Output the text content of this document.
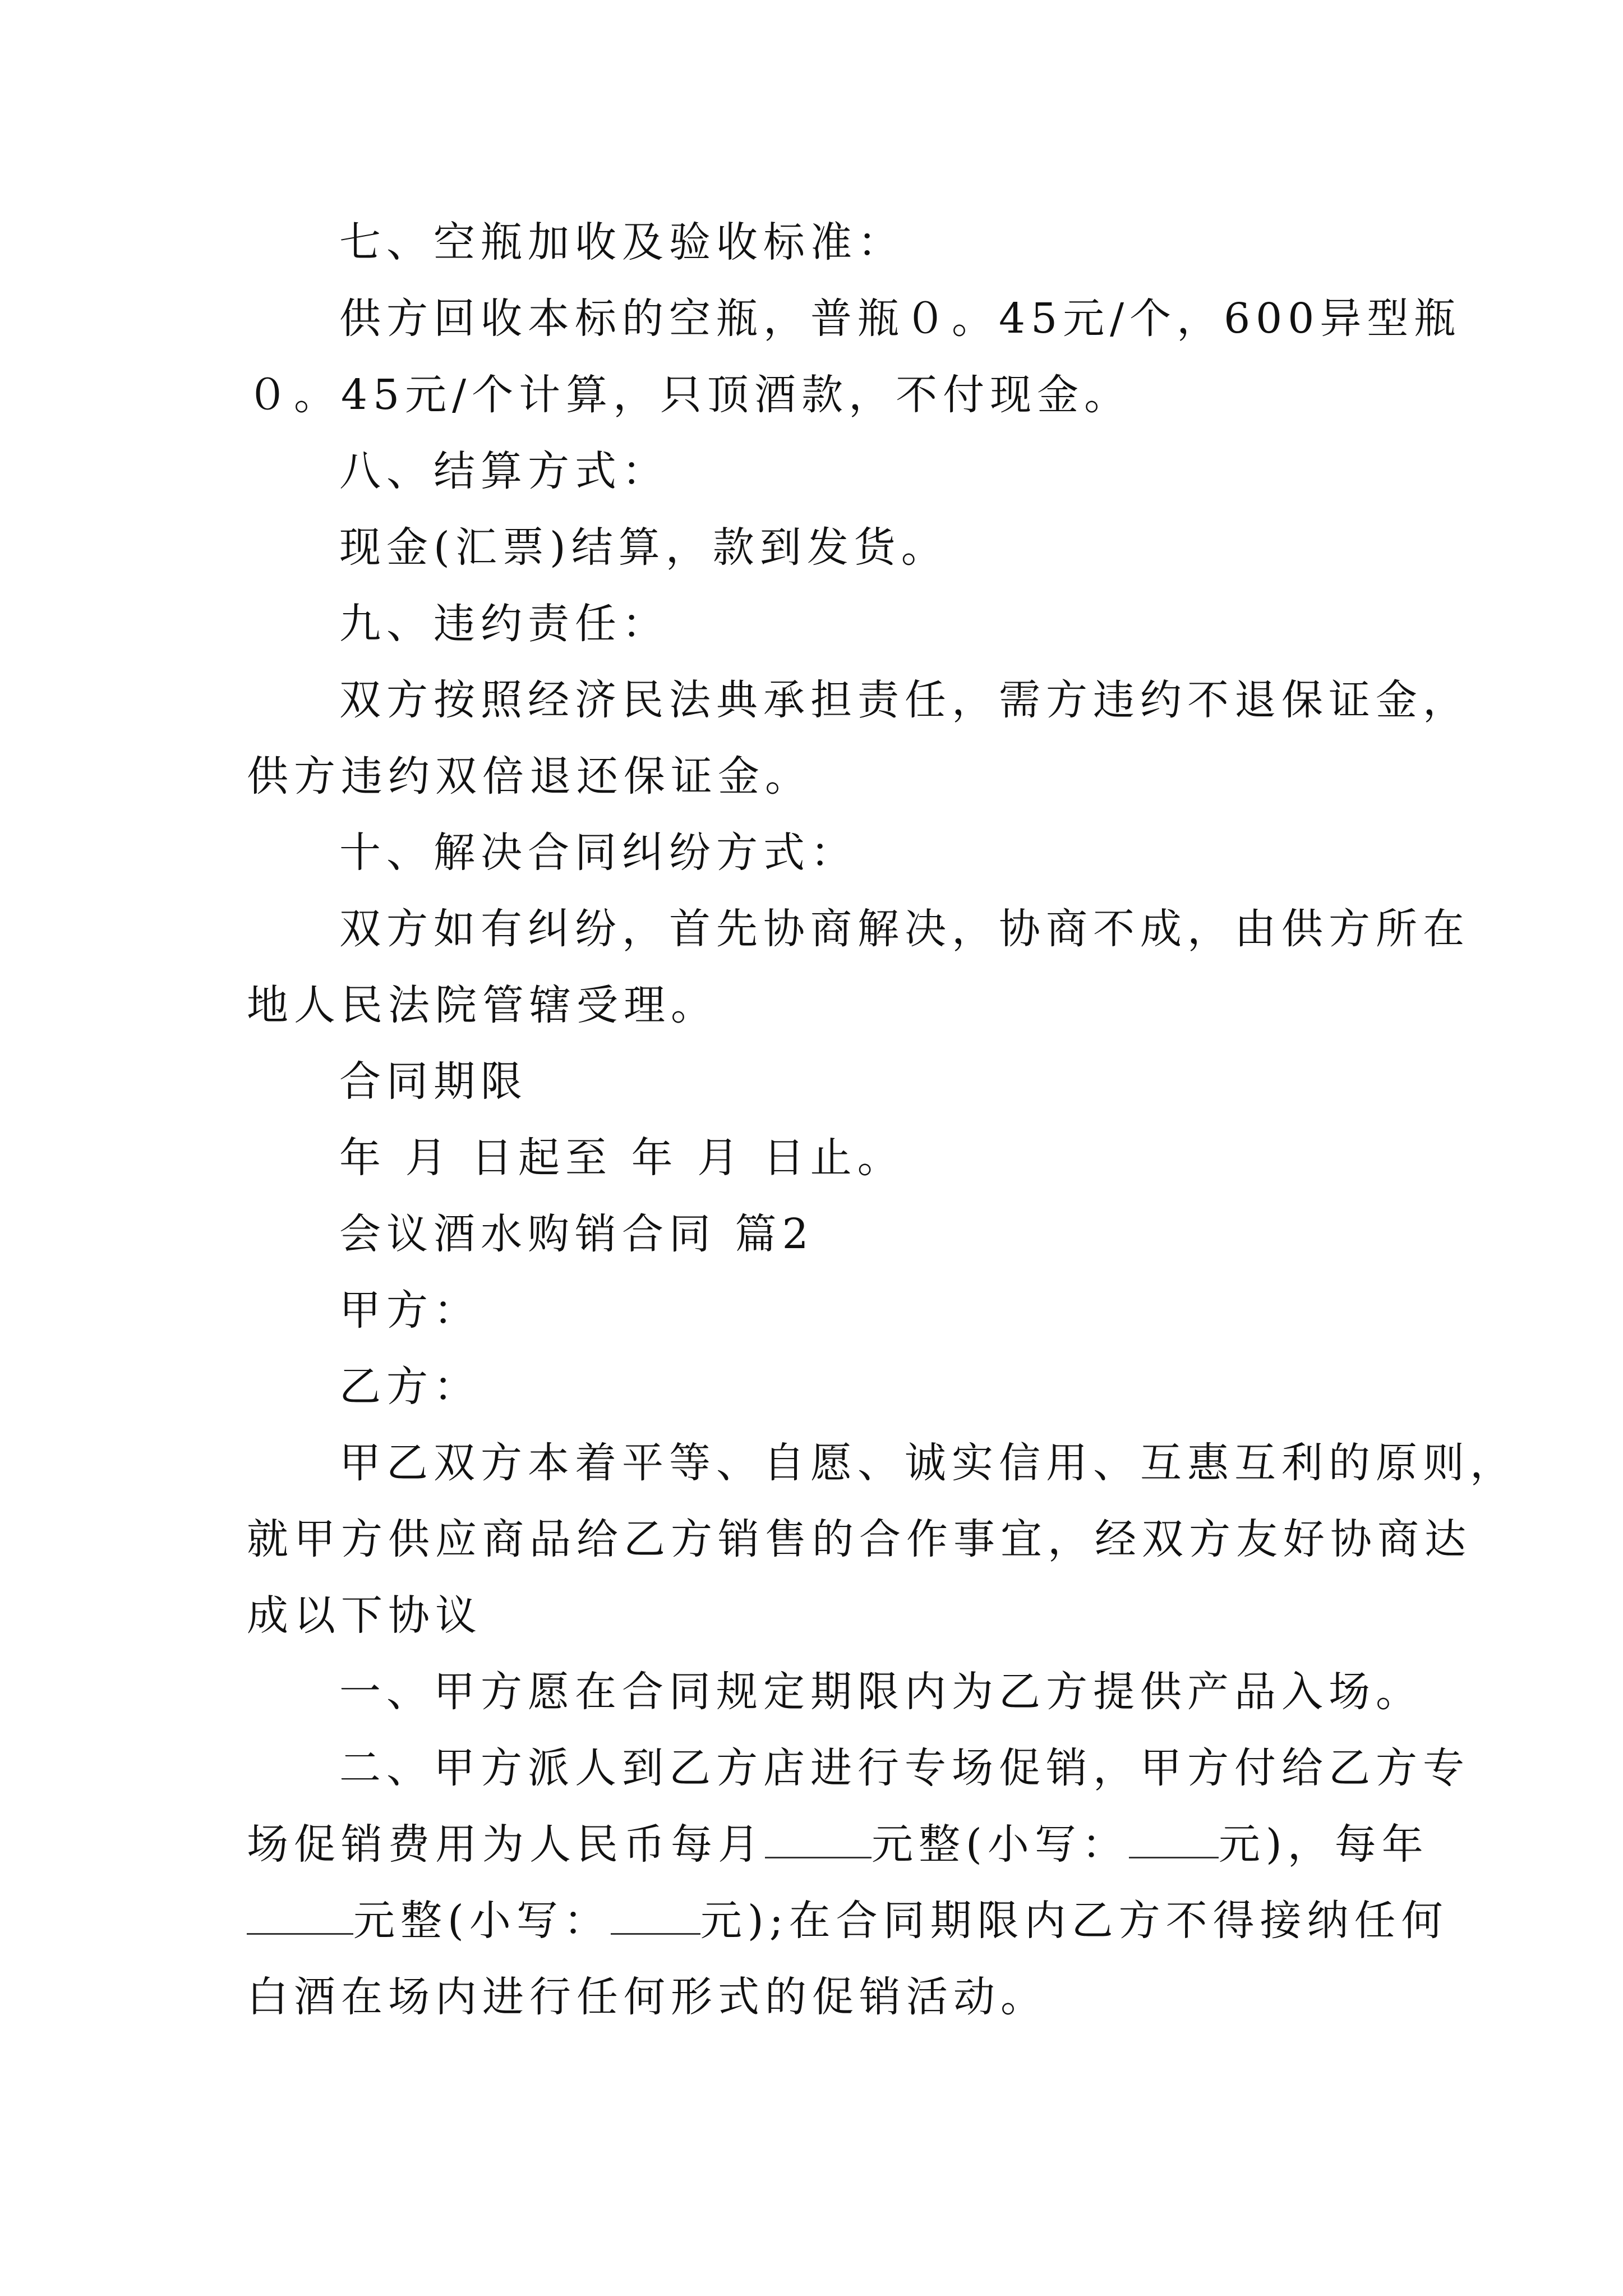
七、空瓶加收及验收标准：
供方回收本标的空瓶，普瓶０。45元/个，600异型瓶
０。45元/个计算，只顶酒款，不付现金。
八、结算方式：
现金(汇票)结算，款到发货。
九、违约责任：
双方按照经济民法典承担责任，需方违约不退保证金，
供方违约双倍退还保证金。
十、解决合同纠纷方式：
双方如有纠纷，首先协商解决，协商不成，由供方所在
地人民法院管辖受理。
合同期限
年 月 日起至 年 月 日止。
会议酒水购销合同 篇2
甲方：
乙方：
甲乙双方本着平等、自愿、诚实信用、互惠互利的原则，
就甲方供应商品给乙方销售的合作事宜，经双方友好协商达
成以下协议
一、甲方愿在合同规定期限内为乙方提供产品入场。
二、甲方派人到乙方店进行专场促销，甲方付给乙方专
场促销费用为人民币每月	元整(小写： 元)，每年
元整(小写： 元);在合同期限内乙方不得接纳任何
白酒在场内进行任何形式的促销活动。
